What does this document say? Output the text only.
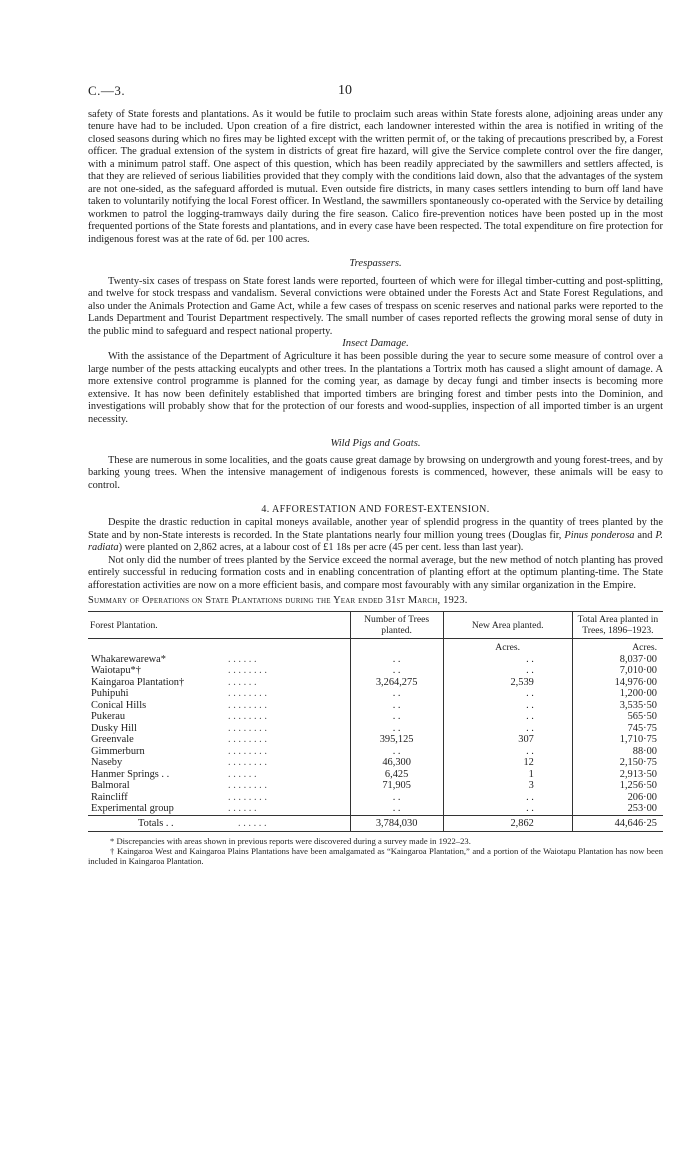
C.—3.	10

safety of State forests and plantations. As it would be futile to proclaim such areas within State forests alone, adjoining areas under any tenure have had to be included. Upon creation of a fire district, each landowner interested within the area is notified in writing of the closed seasons during which no fires may be lighted except with the written permit of, or the taking of precautions prescribed by, a Forest officer. The gradual extension of the system in districts of great fire hazard, will give the Service complete control over the fire danger, with a minimum patrol staff. One aspect of this question, which has been readily appreciated by the sawmillers and settlers affected, is that they are relieved of serious liabilities provided that they comply with the conditions laid down, also that the advantages of the system are not one-sided, as the safeguard afforded is mutual. Even outside fire districts, in many cases settlers intending to burn off land have taken to voluntarily notifying the local Forest officer. In Westland, the sawmillers spontaneously co-operated with the Service by detailing workmen to patrol the logging-tramways daily during the fire season. Calico fire-prevention notices have been posted up in the most frequented portions of the State forests and plantations, and in every case have been respected. The total expenditure on fire protection for indigenous forest was at the rate of 6d. per 100 acres.

Trespassers.

Twenty-six cases of trespass on State forest lands were reported, fourteen of which were for illegal timber-cutting and post-splitting, and twelve for stock trespass and vandalism. Several convictions were obtained under the Forests Act and State Forest Regulations, and also under the Animals Protection and Game Act, while a few cases of trespass on scenic reserves and national parks were reported to the Lands Department and Tourist Department respectively. The small number of cases reported reflects the growing moral sense of duty in the public mind to safeguard and respect national property.

Insect Damage.

With the assistance of the Department of Agriculture it has been possible during the year to secure some measure of control over a large number of the pests attacking eucalypts and other trees. In the plantations a Tortrix moth has caused a slight amount of damage. A more extensive control programme is planned for the coming year, as damage by decay fungi and timber insects is becoming more extensive. It has now been definitely established that imported timbers are bringing forest and timber pests into the Dominion, and investigations will probably show that for the protection of our forests and wood-supplies, inspection of all imported timber is an urgent necessity.

Wild Pigs and Goats.

These are numerous in some localities, and the goats cause great damage by browsing on undergrowth and young forest-trees, and by barking young trees. When the intensive management of indigenous forests is commenced, however, these animals will be easy to control.

4. AFFORESTATION AND FOREST-EXTENSION.

Despite the drastic reduction in capital moneys available, another year of splendid progress in the quantity of trees planted by the State and by non-State interests is recorded. In the State plantations nearly four million young trees (Douglas fir, Pinus ponderosa and P. radiata) were planted on 2,862 acres, at a labour cost of £1 18s per acre (45 per cent. less than last year).

Not only did the number of trees planted by the Service exceed the normal average, but the new method of notch planting has proved entirely successful in reducing formation costs and in enabling concentration of planting effort at the optimum planting-time. The State afforestation activities are now on a more efficient basis, and compare most favourably with any similar organization in the Empire.

Summary of Operations on State Plantations during the Year ended 31st March, 1923.
Forest Plantation.	Number of Trees planted.	New Area planted.	Total Area planted in Trees, 1896–1923.
		Acres.	Acres.
Whakarewarewa* . . . . . .	. .	. .	8,037·00
Waiotapu*† . . . . . . . .	. .	. .	7,010·00
Kaingaroa Plantation† . . . . . .	3,264,275	2,539	14,976·00
Puhipuhi . . . . . . . .	. .	. .	1,200·00
Conical Hills . . . . . . . .	. .	. .	3,535·50
Pukerau . . . . . . . .	. .	. .	565·50
Dusky Hill . . . . . . . .	. .	. .	745·75
Greenvale . . . . . . . .	395,125	307	1,710·75
Gimmerburn . . . . . . . .	. .	. .	88·00
Naseby . . . . . . . .	46,300	12	2,150·75
Hanmer Springs . . . . . . . .	6,425	1	2,913·50
Balmoral . . . . . . . .	71,905	3	1,256·50
Raincliff . . . . . . . .	. .	. .	206·00
Experimental group . . . . . .	. .	. .	253·00
Totals . . . . . . . .	3,784,030	2,862	44,646·25

* Discrepancies with areas shown in previous reports were discovered during a survey made in 1922–23.

† Kaingaroa West and Kaingaroa Plains Plantations have been amalgamated as “Kaingaroa Plantation,” and a portion of the Waiotapu Plantation has now been included in Kaingaroa Plantation.
